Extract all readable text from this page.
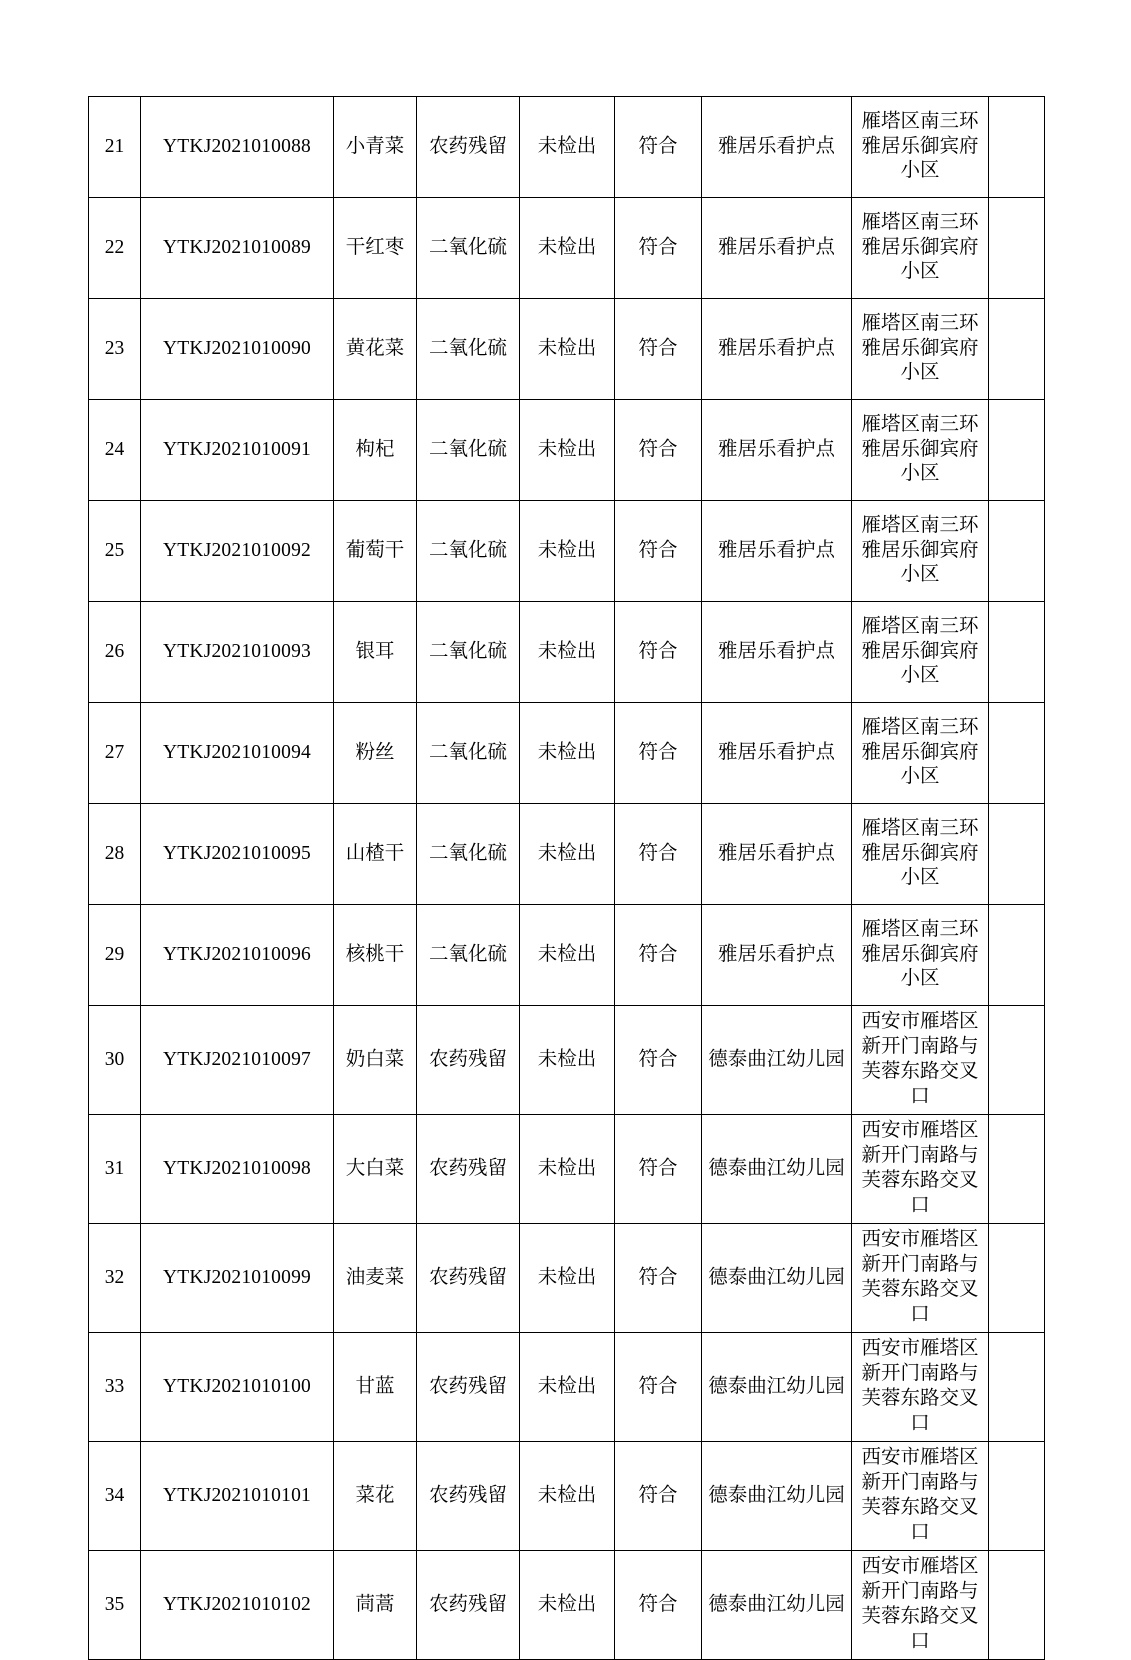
21	YTKJ2021010088	小青菜	农药残留	未检出	符合	雅居乐看护点	雁塔区南三环雅居乐御宾府小区	
22	YTKJ2021010089	干红枣	二氧化硫	未检出	符合	雅居乐看护点	雁塔区南三环雅居乐御宾府小区	
23	YTKJ2021010090	黄花菜	二氧化硫	未检出	符合	雅居乐看护点	雁塔区南三环雅居乐御宾府小区	
24	YTKJ2021010091	枸杞	二氧化硫	未检出	符合	雅居乐看护点	雁塔区南三环雅居乐御宾府小区	
25	YTKJ2021010092	葡萄干	二氧化硫	未检出	符合	雅居乐看护点	雁塔区南三环雅居乐御宾府小区	
26	YTKJ2021010093	银耳	二氧化硫	未检出	符合	雅居乐看护点	雁塔区南三环雅居乐御宾府小区	
27	YTKJ2021010094	粉丝	二氧化硫	未检出	符合	雅居乐看护点	雁塔区南三环雅居乐御宾府小区	
28	YTKJ2021010095	山楂干	二氧化硫	未检出	符合	雅居乐看护点	雁塔区南三环雅居乐御宾府小区	
29	YTKJ2021010096	核桃干	二氧化硫	未检出	符合	雅居乐看护点	雁塔区南三环雅居乐御宾府小区	
30	YTKJ2021010097	奶白菜	农药残留	未检出	符合	德泰曲江幼儿园	西安市雁塔区新开门南路与芙蓉东路交叉口	
31	YTKJ2021010098	大白菜	农药残留	未检出	符合	德泰曲江幼儿园	西安市雁塔区新开门南路与芙蓉东路交叉口	
32	YTKJ2021010099	油麦菜	农药残留	未检出	符合	德泰曲江幼儿园	西安市雁塔区新开门南路与芙蓉东路交叉口	
33	YTKJ2021010100	甘蓝	农药残留	未检出	符合	德泰曲江幼儿园	西安市雁塔区新开门南路与芙蓉东路交叉口	
34	YTKJ2021010101	菜花	农药残留	未检出	符合	德泰曲江幼儿园	西安市雁塔区新开门南路与芙蓉东路交叉口	
35	YTKJ2021010102	茼蒿	农药残留	未检出	符合	德泰曲江幼儿园	西安市雁塔区新开门南路与芙蓉东路交叉口	
